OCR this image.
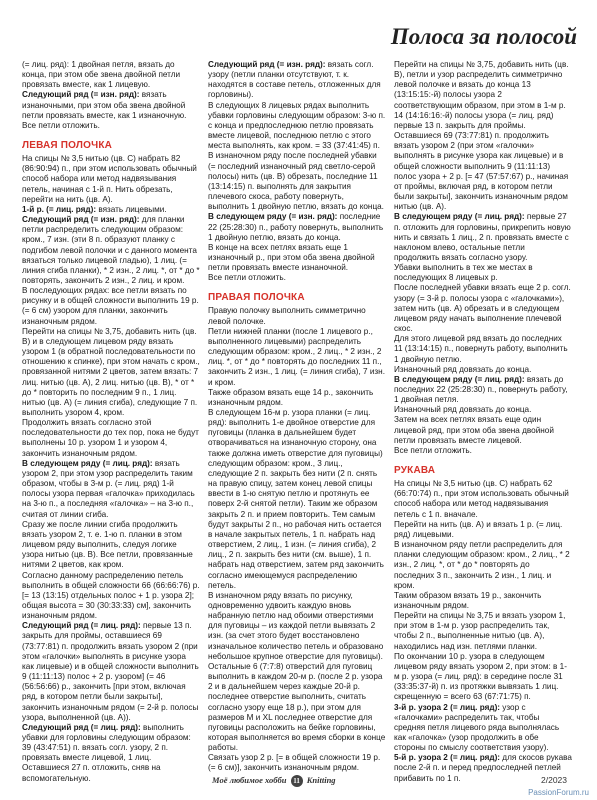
Полоса за полосой

(= лиц. ряд): 1 двойная петля, вязать до конца, при этом обе звена двойной петли провязать вместе, как 1 лицевую.

Следующий ряд (= изн. ряд): вязать изнаночными, при этом оба звена двойной петли провязать вместе, как 1 изнаночную.

Все петли отложить.

ЛЕВАЯ ПОЛОЧКА

На спицы № 3,5 нитью (цв. С) набрать 82 (86:90:94) п., при этом использовать обычный способ набора или метод надвязывания петель, начиная с 1-й п. Нить обрезать, перейти на нить (цв. А).

1-й р. (= лиц. ряд): вязать лицевыми.

Следующий ряд (= изн. ряд): для планки петли распределить следующим образом: кром., 7 изн. (эти 8 п. образуют планку с подгибом левой полочки и с данного момента вязаться только лицевой гладью), 1 лиц. (= линия сгиба планки), * 2 изн., 2 лиц. *, от * до * повторять, закончить 2 изн., 2 лиц. и кром.

В последующих рядах: все петли вязать по рисунку и в общей сложности выполнить 19 р. (= 6 см) узором для планки, закончить изнаночным рядом.

Перейти на спицы № 3,75, добавить нить (цв. В) и в следующем лицевом ряду вязать узором 1 (в обратной последовательности по отношению к спинке), при этом начать с кром., провязанной нитями 2 цветов, затем вязать: 7 лиц. нитью (цв. А), 2 лиц. нитью (цв. В), * от * до * повторить по последним 9 п., 1 лиц. нитью (цв. А) (= линия сгиба), следующие 7 п. выполнить узором 4, кром.

Продолжить вязать согласно этой последовательности до тех пор, пока не будут выполнены 10 р. узором 1 и узором 4, закончить изнаночным рядом.

В следующем ряду (= лиц. ряд): вязать узором 2, при этом узор распределить таким образом, чтобы в 3-м р. (= лиц. ряд) 1-й полосы узора первая «галочка» приходилась на 3-ю п., а последняя «галочка» – на 3-ю п., считая от линии сгиба.

Сразу же после линии сгиба продолжить вязать узором 2, т. е. 1-ю п. планки в этом лицевом ряду выполнить, следуя логике узора нитью (цв. В). Все петли, провязанные нитями 2 цветов, как кром.

Согласно данному распределению петель выполнить в общей сложности 66 (66:66:76) р. [= 13 (13:15) отдельных полос + 1 р. узора 2]; общая высота = 30 (30:33:33) см], закончить изнаночным рядом.

Следующий ряд (= лиц. ряд): первые 13 п. закрыть для проймы, оставшиеся 69 (73:77:81) п. продолжить вязать узором 2 (при этом «галочки» выполнять в рисунке узора как лицевые) и в общей сложности выполнить 9 (11:11:13) полос + 2 р. узором] (= 46 (56:56:66) р., закончить [при этом, включая ряд, в котором петли были закрыты], закончить изнаночным рядом (= 2-й р. полосы узора, выполненной (цв. А)).

Следующий ряд (= лиц. ряд): выполнить убавки для горловины следующим образом: 39 (43:47:51) п. вязать согл. узору, 2 п. провязать вместе лицевой, 1 лиц. Оставшиеся 27 п. отложить, сняв на вспомогательную.

Следующий ряд (= изн. ряд): вязать согл. узору (петли планки отсутствуют, т. к. находятся в составе петель, отложенных для горловины).

В следующих 8 лицевых рядах выполнить убавки горловины следующим образом: 3-ю п. с конца и предпоследнюю петлю провязать вместе лицевой, последнюю петлю с этого места выполнять, как кром. = 33 (37:41:45) п.

В изнаночном ряду после последней убавки (= последний изнаночный ряд светло-серой полосы) нить (цв. В) обрезать, последние 11 (13:14:15) п. выполнять для закрытия плечевого скоса, работу повернуть, выполнить 1 двойную петлю, вязать до конца.

В следующем ряду (= изн. ряд): последние 22 (25:28:30) п., работу повернуть, выполнить 1 двойную петлю, вязать до конца.

В конце на всех петлях вязать еще 1 изнаночный р., при этом оба звена двойной петли провязать вместе изнаночной.

Все петли отложить.

ПРАВАЯ ПОЛОЧКА

Правую полочку выполнить симметрично левой полочке.

Петли нижней планки (после 1 лицевого р., выполненного лицевыми) распределить следующим образом: кром., 2 лиц., * 2 изн., 2 лиц. *, от * до * повторять до последних 11 п., закончить 2 изн., 1 лиц. (= линия сгиба), 7 изн. и кром.

Также образом вязать еще 14 р., закончить изнаночным рядом.

В следующем 16-м р. узора планки (= лиц. ряд): выполнить 1-е двойное отверстие для пуговицы (планка в дальнейшем будет отворачиваться на изнаночную сторону, она также должна иметь отверстие для пуговицы) следующим образом: кром., 3 лиц., следующие 2 п. закрыть без нити (2 п. снять на правую спицу, затем конец левой спицы ввести в 1-ю снятую петлю и протянуть ее поверх 2-й снятой петли). Таким же образом закрыть 2 п. и прием повторить. Тем самым будут закрыты 2 п., но рабочая нить остается в начале закрытых петель, 1 п. набрать над отверстием, 2 лиц., 1 изн. (= линия сгиба), 2 лиц., 2 п. закрыть без нити (см. выше), 1 п. набрать над отверстием, затем ряд закончить согласно имеющемуся распределению петель.

В изнаночном ряду вязать по рисунку, одновременно удвоить каждую вновь набранную петлю над обоими отверстиями для пуговицы – из каждой петли вывязать 2 изн. (за счет этого будет восстановлено изначальное количество петель и образовано небольшое крупное отверстие для пуговицы).

Остальные 6 (7:7:8) отверстий для пуговиц выполнить в каждом 20-м р. (после 2 р. узора 2 и в дальнейшем через каждые 20-й р. последнее отверстие выполнить, считать согласно узору еще 18 р.), при этом для размеров M и XL последнее отверстие для пуговицы расположить на бейке горловины, которая выполняется во время сборки в конце работы.

Связать узор 2 р. [= в общей сложности 19 р. (= 6 см)], закончить изнаночным рядом.

Перейти на спицы № 3,75, добавить нить (цв. В), петли и узор распределить симметрично левой полочке и вязать до конца 13 (13:15:15:-й) полосы узора 2 соответствующим образом, при этом в 1-м р. 14 (14:16:16:-й) полосы узора (= лиц. ряд) первые 13 п. закрыть для проймы.

Оставшиеся 69 (73:77:81) п. продолжить вязать узором 2 (при этом «галочки» выполнять в рисунке узора как лицевые) и в общей сложности выполнить 9 (11:11:13) полос узора + 2 р. [= 47 (57:57:67) р., начиная от проймы, включая ряд, в котором петли были закрыты], закончить изнаночным рядом нитью (цв. А).

В следующем ряду (= лиц. ряд): первые 27 п. отложить для горловины, прикрепить новую нить и связать 1 лиц., 2 п. провязать вместе с наклоном влево, остальные петли продолжить вязать согласно узору.

Убавки выполнить в тех же местах в последующих 8 лицевых р.

После последней убавки вязать еще 2 р. согл. узору (= 3-й р. полосы узора с «галочками»), затем нить (цв. А) обрезать и в следующем лицевом ряду начать выполнение плечевой скос.

Для этого лицевой ряд вязать до последних 11 (13:14:15) п., повернуть работу, выполнить 1 двойную петлю.

Изнаночный ряд довязать до конца.

В следующем ряду (= лиц. ряд): вязать до последних 22 (25:28:30) п., повернуть работу, 1 двойная петля.

Изнаночный ряд довязать до конца.

Затем на всех петлях вязать еще один лицевой ряд, при этом оба звена двойной петли провязать вместе лицевой.

Все петли отложить.

РУКАВА

На спицы № 3,5 нитью (цв. С) набрать 62 (66:70:74) п., при этом использовать обычный способ набора или метод надвязывания петель с 1 п. вначале.

Перейти на нить (цв. А) и вязать 1 р. (= лиц. ряд) лицевыми.

В изнаночном ряду петли распределить для планки следующим образом: кром., 2 лиц., * 2 изн., 2 лиц. *, от * до * повторять до последних 3 п., закончить 2 изн., 1 лиц. и кром.

Таким образом вязать 19 р., закончить изнаночным рядом.

Перейти на спицы № 3,75 и вязать узором 1, при этом в 1-м р. узор распределить так, чтобы 2 п., выполненные нитью (цв. А), находились над изн. петлями планки.

По окончании 10 р. узора в следующем лицевом ряду вязать узором 2, при этом: в 1-м р. узора (= лиц. ряд): в середине после 31 (33:35:37-й) п. из протяжки вывязать 1 лиц. скрещенную = всего 63 (67:71:75) п.

3-й р. узора 2 (= лиц. ряд): узор с «галочками» распределить так, чтобы средняя петля лицевого ряда выполнялась как «галочка» (узор продолжить в обе стороны по смыслу соответствия узору).

5-й р. узора 2 (= лиц. ряд): для скосов рукава после 2-й п. и перед предпоследней петлей прибавить по 1 п.

Моё любимое хобби 11 Knitting	2/2023
PassionForum.ru
